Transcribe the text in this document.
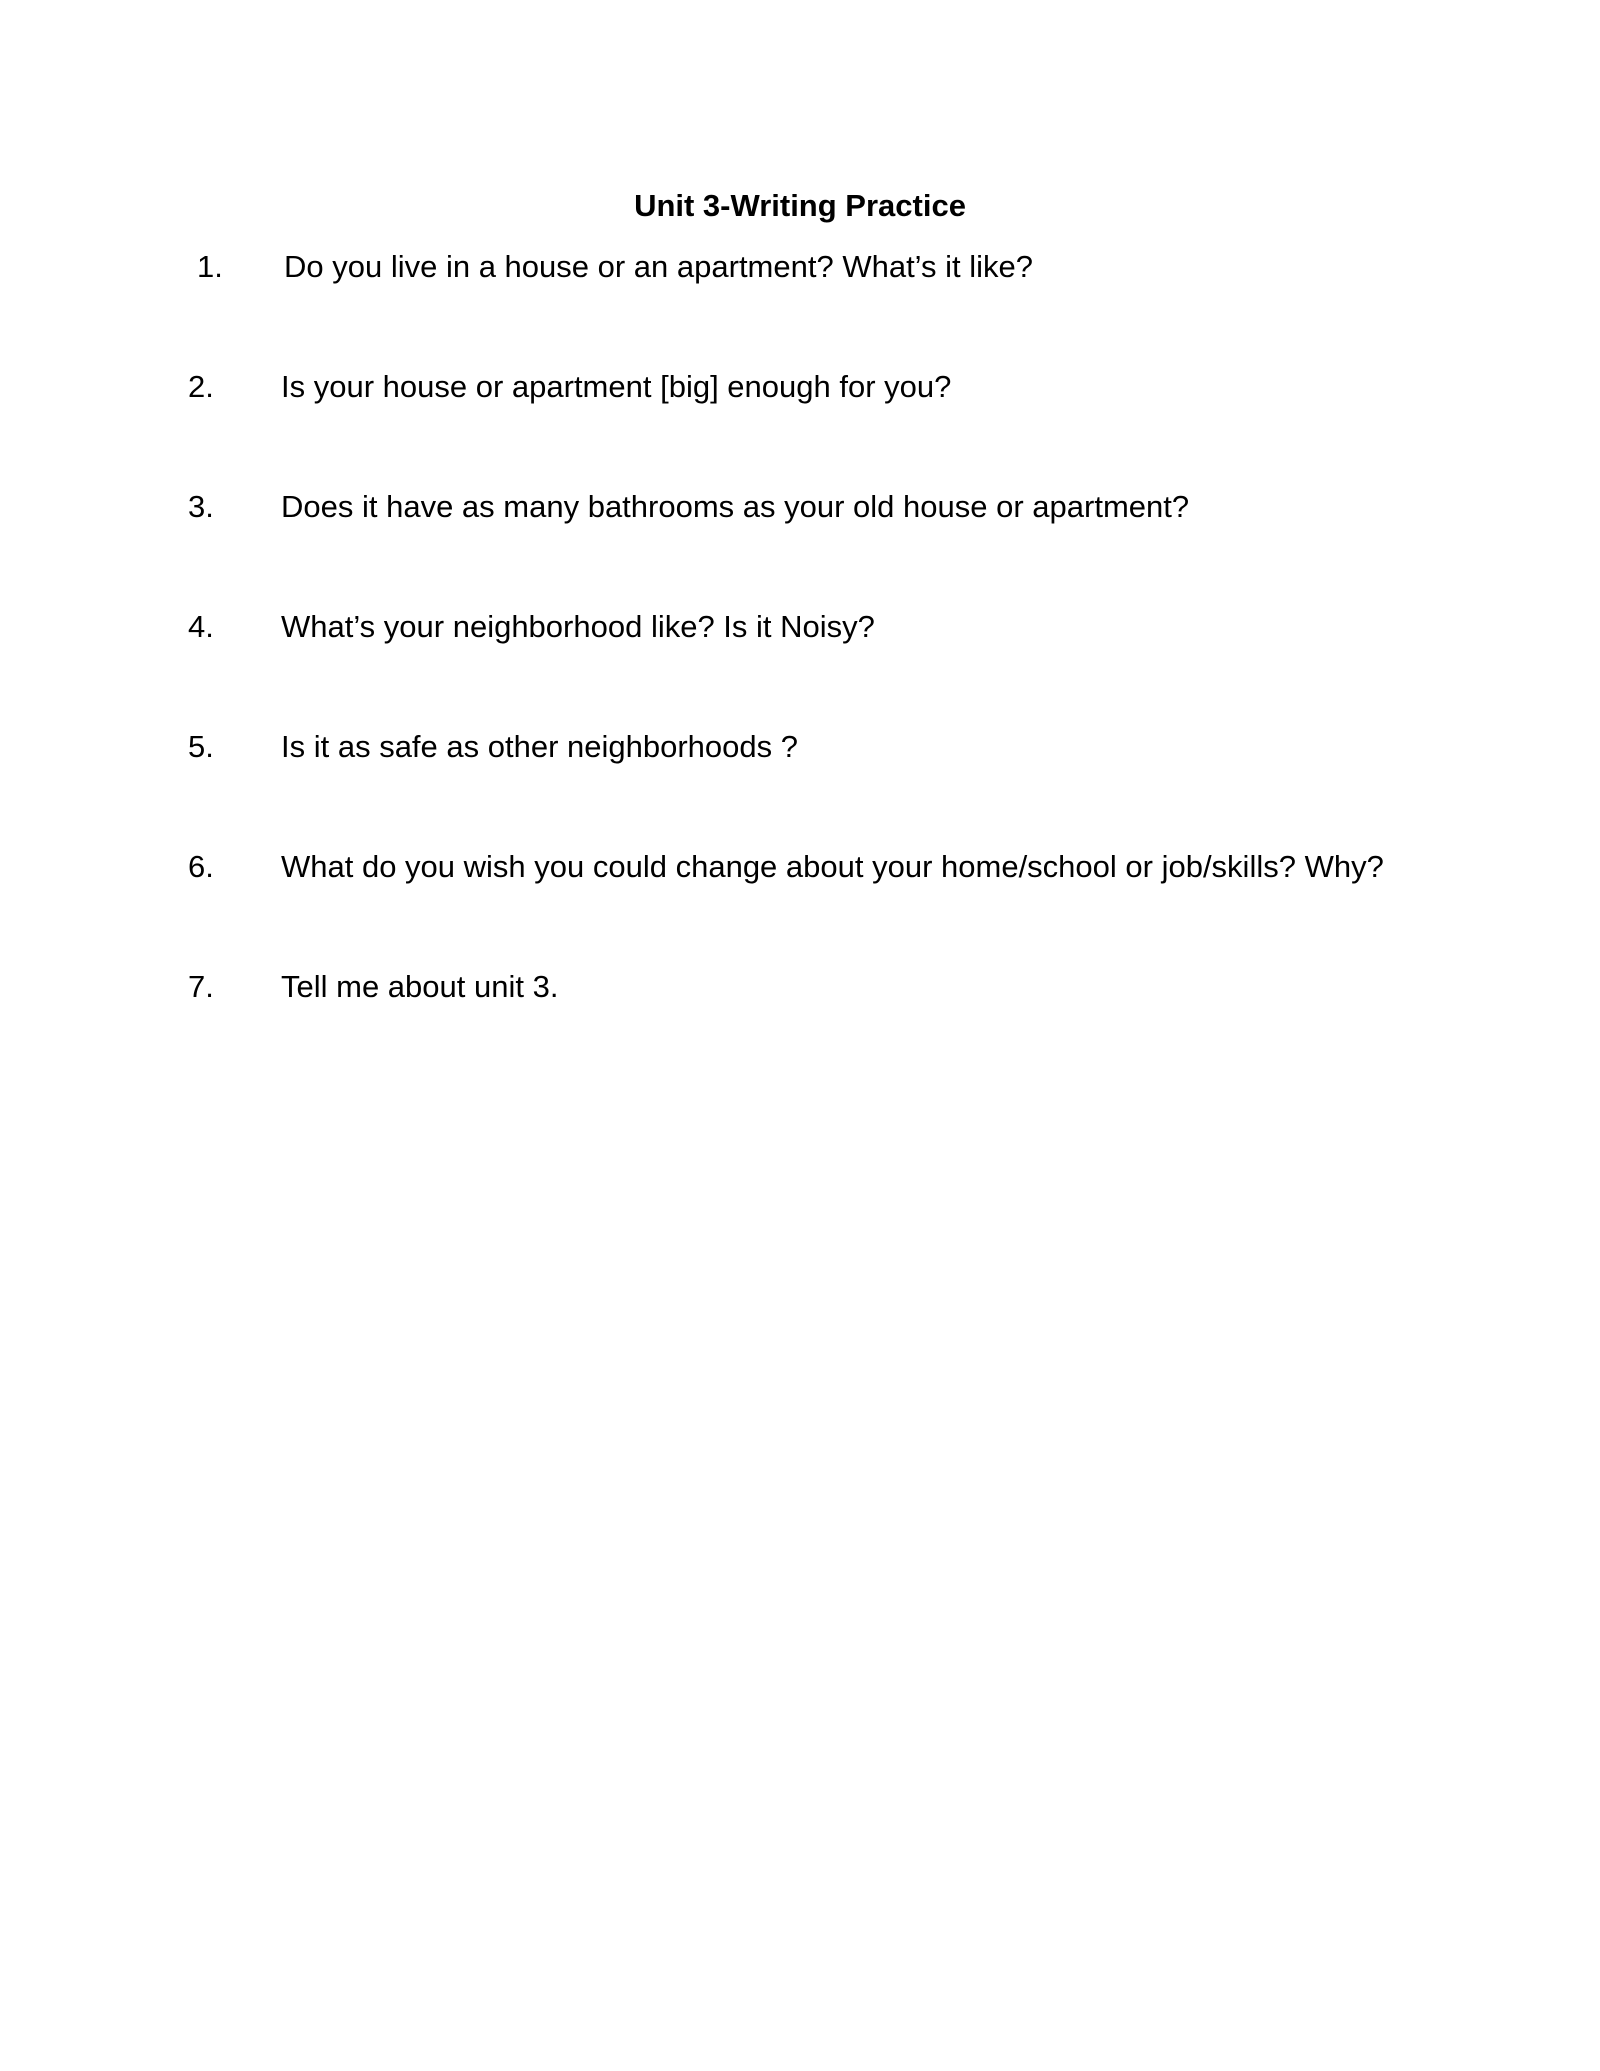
Unit 3-Writing Practice
1. Do you live in a house or an apartment? What’s it like?
2. Is your house or apartment [big] enough for you?
3. Does it have as many bathrooms as your old house or apartment?
4. What’s your neighborhood like? Is it Noisy?
5. Is it as safe as other neighborhoods ?
6. What do you wish you could change about your home/school or job/skills? Why?
7. Tell me about unit 3.
